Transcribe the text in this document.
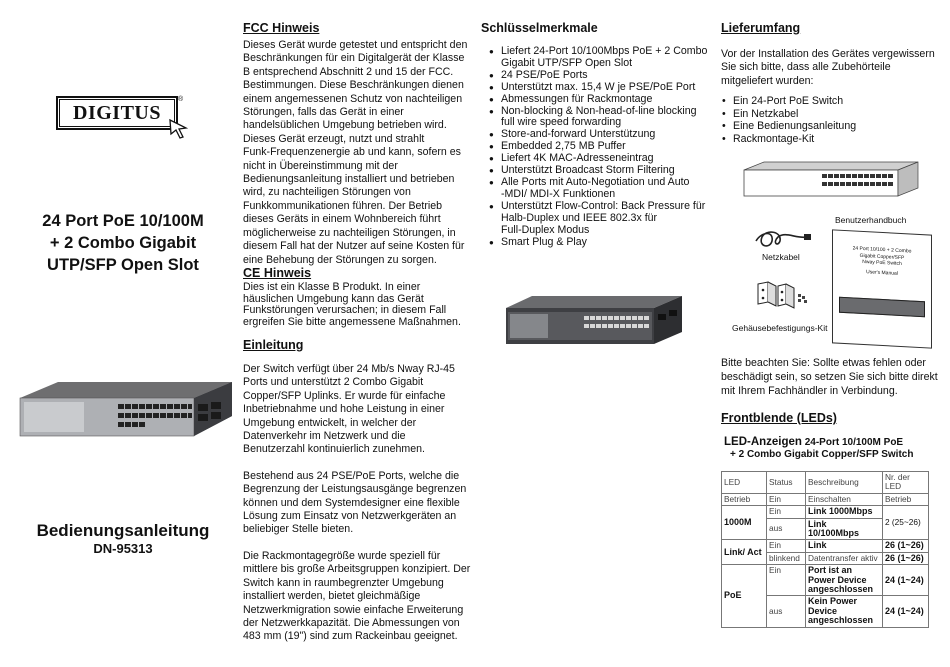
DIGITUS
®
24 Port PoE 10/100M
+ 2 Combo Gigabit
UTP/SFP Open Slot
Bedienungsanleitung
DN-95313

FCC Hinweis

Dieses Gerät wurde getestet und entspricht den

Beschränkungen für ein Digitalgerät der Klasse

B entsprechend Abschnitt 2 und 15 der FCC.

Bestimmungen. Diese Beschränkungen dienen

einem angemessenen Schutz von nachteiligen

Störungen, falls das Gerät in einer

handelsüblichen Umgebung betrieben wird.

Dieses Gerät erzeugt, nutzt und strahlt

Funk-Frequenzenergie ab und kann, sofern es

nicht in Übereinstimmung mit der

Bedienungsanleitung installiert und betrieben

wird, zu nachteiligen Störungen von

Funkkommunikationen führen. Der Betrieb

dieses Geräts in einem Wohnbereich führt

möglicherweise zu nachteiligen Störungen, in

diesem Fall hat der Nutzer auf seine Kosten für

eine Behebung der Störungen zu sorgen.

CE Hinweis

Dies ist ein Klasse B Produkt. In einer

häuslichen Umgebung kann das Gerät

Funkstörungen verursachen; in diesem Fall

ergreifen Sie bitte angemessene Maßnahmen.

Einleitung

Der Switch verfügt über 24 Mb/s Nway RJ-45

Ports und unterstützt 2 Combo Gigabit

Copper/SFP Uplinks. Er wurde für einfache

Inbetriebnahme und hohe Leistung in einer

Umgebung entwickelt, in welcher der

Datenverkehr im Netzwerk und die

Benutzerzahl kontinuierlich zunehmen.

Bestehend aus 24 PSE/PoE Ports, welche die

Begrenzung der Leistungsausgänge begrenzen

können und dem Systemdesigner eine flexible

Lösung zum Einsatz von Netzwerkgeräten an

beliebiger Stelle bieten.

Die Rackmontagegröße wurde speziell für

mittlere bis große Arbeitsgruppen konzipiert. Der

Switch kann in raumbegrenzter Umgebung

installiert werden, bietet gleichmäßige

Netzwerkmigration sowie einfache Erweiterung

der Netzwerkkapazität. Die Abmessungen von

483 mm (19") sind zum Rackeinbau geeignet.

Schlüsselmerkmale

● Liefert 24-Port 10/100Mbps PoE + 2 Combo
Gigabit UTP/SFP Open Slot
● 24 PSE/PoE Ports
● Unterstützt max. 15,4 W je PSE/PoE Port
● Abmessungen für Rackmontage
● Non-blocking & Non-head-of-line blocking
full wire speed forwarding
● Store-and-forward Unterstützung
● Embedded 2,75 MB Puffer
● Liefert 4K MAC-Adresseneintrag
● Unterstützt Broadcast Storm Filtering
● Alle Ports mit Auto-Negotiation und Auto
-MDI/ MDI-X Funktionen
● Unterstützt Flow-Control: Back Pressure für
Halb-Duplex und IEEE 802.3x für
Full-Duplex Modus
● Smart Plug & Play

Lieferumfang

Vor der Installation des Gerätes vergewissern

Sie sich bitte, dass alle Zubehörteile

mitgeliefert wurden:

• Ein 24-Port PoE Switch
• Ein Netzkabel
• Eine Bedienungsanleitung
• Rackmontage-Kit
Benutzerhandbuch
Netzkabel
24 Port 10/100 + 2 Combo
Gigabit Copper/SFP
Nway PoE Switch
User's Manual
Gehäusebefestigungs-Kit

Bitte beachten Sie: Sollte etwas fehlen oder

beschädigt sein, so setzen Sie sich bitte direkt

mit Ihrem Fachhändler in Verbindung.

Frontblende (LEDs)

LED-Anzeigen 24-Port 10/100M PoE
+ 2 Combo Gigabit Copper/SFP Switch
LED	Status	Beschreibung	Nr. der LED
Betrieb	Ein	Einschalten	Betrieb
1000M	Ein	Link 1000Mbps	2 (25~26)
	aus	Link 10/100Mbps	
Link/ Act	Ein	Link	26 (1~26)
	blinkend	Datentransfer aktiv	26 (1~26)
PoE	Ein	Port ist an Power Device angeschlossen	24 (1~24)
	aus	Kein Power Device angeschlossen	24 (1~24)
